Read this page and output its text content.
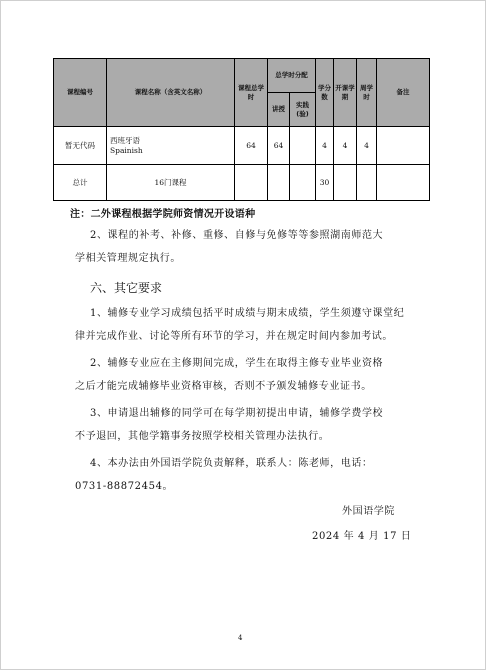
课程编号	课程名称（含英文名称）	课程总学时	总学时分配		学分数	开课学期	周学时	备注
			讲授	实践(验)				
暂无代码	西班牙语
Spainish	64	64		4	4	4	
总计	16门课程				30			
注：二外课程根据学院师资情况开设语种
2、课程的补考、补修、重修、自修与免修等等参照湖南师范大
学相关管理规定执行。
六、其它要求
1、辅修专业学习成绩包括平时成绩与期末成绩，学生须遵守课堂纪
律并完成作业、讨论等所有环节的学习，并在规定时间内参加考试。
2、辅修专业应在主修期间完成，学生在取得主修专业毕业资格
之后才能完成辅修毕业资格审核，否则不予颁发辅修专业证书。
3、申请退出辅修的同学可在每学期初提出申请，辅修学费学校
不予退回，其他学籍事务按照学校相关管理办法执行。
4、本办法由外国语学院负责解释，联系人：陈老师，电话：
0731-88872454。
外国语学院
2024 年 4 月 17 日
4
